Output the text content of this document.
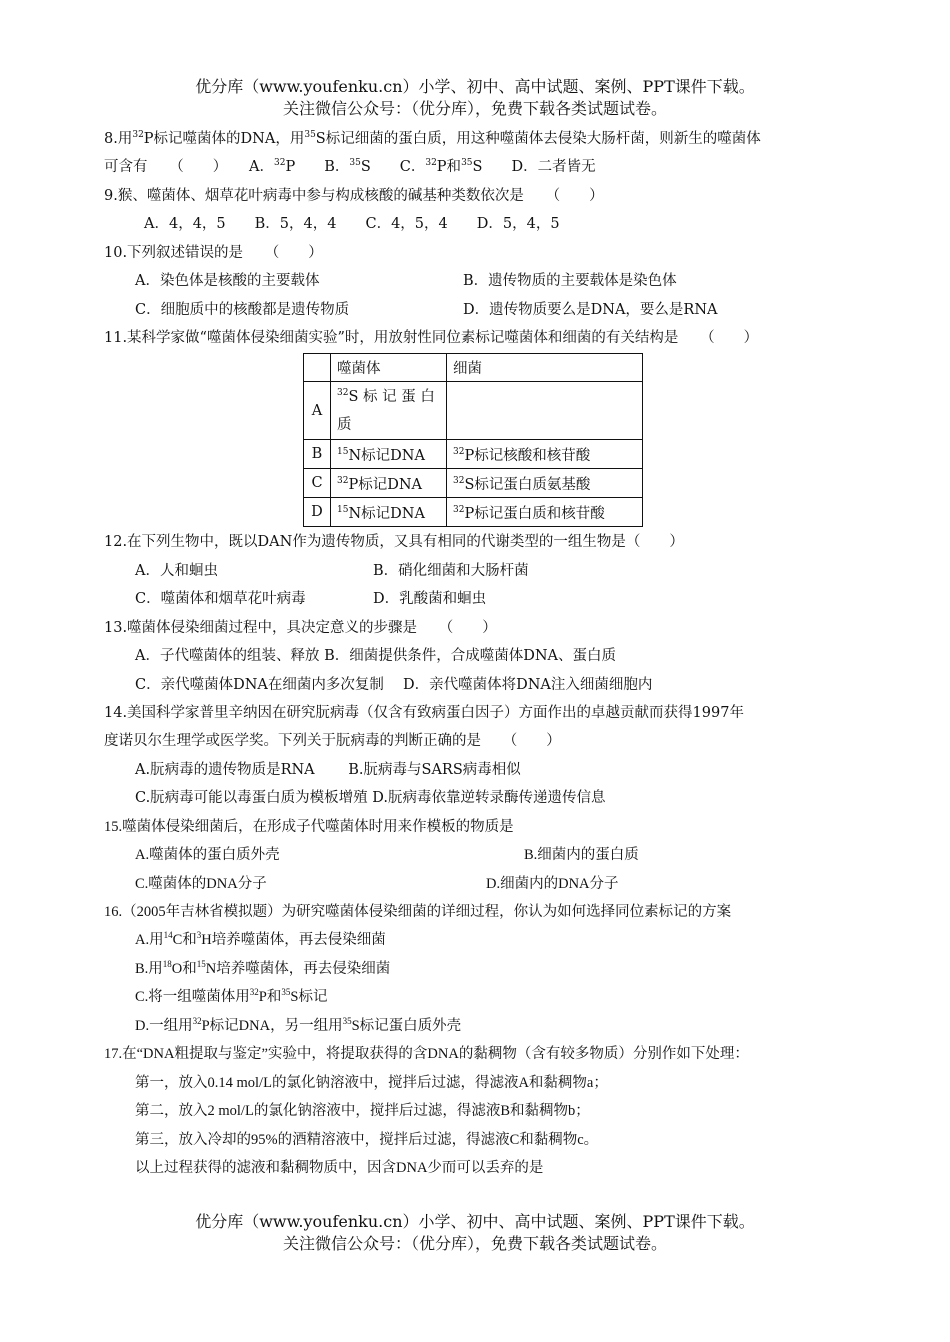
优分库（www.youfenku.cn）小学、初中、高中试题、案例、PPT课件下载。
关注微信公众号：（优分库），免费下载各类试题试卷。
8.用$^{32}$P标记噬菌体的DNA，用$^{35}$S标记细菌的蛋白质，用这种噬菌体去侵染大肠杆菌，则新生的噬菌体
可含有　　（　　）　　A．$^{32}$P　　B．$^{35}$S　　C．$^{32}$P和$^{35}$S　　D．二者皆无
9.猴、噬菌体、烟草花叶病毒中参与构成核酸的碱基种类数依次是　　（　　）
A．4，4，5　　B．5，4，4　　C．4，5，4　　D．5，4，5
10.下列叙述错误的是　　（　　）
A．染色体是核酸的主要载体	B．遗传物质的主要载体是染色体
C．细胞质中的核酸都是遗传物质	D．遗传物质要么是DNA，要么是RNA
11.某科学家做“噬菌体侵染细菌实验”时，用放射性同位素标记噬菌体和细菌的有关结构是　　（　　）
	噬菌体	细菌
A	$^{32}$S 标 记 蛋 白
质	
B	$^{15}$N标记DNA	$^{32}$P标记核酸和核苷酸
C	$^{32}$P标记DNA	$^{32}$S标记蛋白质氨基酸
D	$^{15}$N标记DNA	$^{32}$P标记蛋白质和核苷酸
12.在下列生物中，既以DAN作为遗传物质，又具有相同的代谢类型的一组生物是（　　）
A．人和蛔虫	B．硝化细菌和大肠杆菌
C．噬菌体和烟草花叶病毒	D．乳酸菌和蛔虫
13.噬菌体侵染细菌过程中，具决定意义的步骤是　　（　　）
A．子代噬菌体的组装、释放 B．细菌提供条件，合成噬菌体DNA、蛋白质
C．亲代噬菌体DNA在细菌内多次复制　 D．亲代噬菌体将DNA注入细菌细胞内
14.美国科学家普里辛纳因在研究朊病毒（仅含有致病蛋白因子）方面作出的卓越贡献而获得1997年
度诺贝尔生理学或医学奖。下列关于朊病毒的判断正确的是　　（　　）
A.朊病毒的遗传物质是RNA　　 B.朊病毒与SARS病毒相似
C.朊病毒可能以毒蛋白质为模板增殖 D.朊病毒依靠逆转录酶传递遗传信息
15.噬菌体侵染细菌后，在形成子代噬菌体时用来作模板的物质是
A.噬菌体的蛋白质外壳	B.细菌内的蛋白质
C.噬菌体的DNA分子	D.细菌内的DNA分子
16.（2005年吉林省模拟题）为研究噬菌体侵染细菌的详细过程，你认为如何选择同位素标记的方案
A.用$^{14}$C和$^3$H培养噬菌体，再去侵染细菌
B.用$^{18}$O和$^{15}$N培养噬菌体，再去侵染细菌
C.将一组噬菌体用$^{32}$P和$^{35}$S标记
D.一组用$^{32}$P标记DNA，另一组用$^{35}$S标记蛋白质外壳
17.在“DNA粗提取与鉴定”实验中，将提取获得的含DNA的黏稠物（含有较多物质）分别作如下处理：
第一，放入0.14 mol/L的氯化钠溶液中，搅拌后过滤，得滤液A和黏稠物a；
第二，放入2 mol/L的氯化钠溶液中，搅拌后过滤，得滤液B和黏稠物b；
第三，放入冷却的95%的酒精溶液中，搅拌后过滤，得滤液C和黏稠物c。
以上过程获得的滤液和黏稠物质中，因含DNA少而可以丢弃的是
优分库（www.youfenku.cn）小学、初中、高中试题、案例、PPT课件下载。
关注微信公众号：（优分库），免费下载各类试题试卷。
